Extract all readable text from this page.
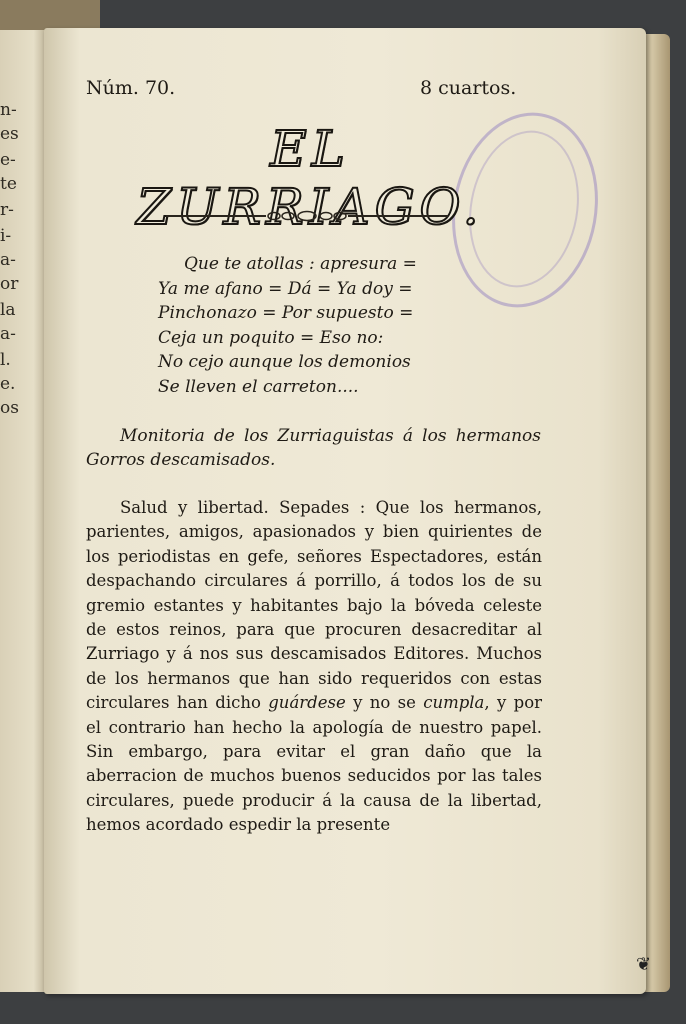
n-
es
e-
te
r-
i-
a-
or
la
a-
l.
e.
os
Núm. 70.	8 cuartos.
EL ZURRIAGO.
Que te atollas : apresura =
Ya me afano = Dá = Ya doy =
Pinchonazo = Por supuesto =
Ceja un poquito = Eso no:
No cejo aunque los demonios
Se lleven el carreton....
Monitoria de los Zurriaguistas á los hermanos Gorros descamisados.
Salud y libertad. Sepades : Que los hermanos, parientes, amigos, apasionados y bien quirientes de los periodistas en gefe, señores Espectadores, están despachando circulares á porrillo, á todos los de su gremio estantes y habitantes bajo la bóveda celeste de estos reinos, para que procuren desacreditar al Zurriago y á nos sus descamisados Editores. Muchos de los hermanos que han sido requeridos con estas circulares han dicho guárdese y no se cumpla, y por el contrario han hecho la apología de nuestro papel. Sin embargo, para evitar el gran daño que la aberracion de muchos buenos seducidos por las tales circulares, puede producir á la causa de la libertad, hemos acordado espedir la presente
❦
